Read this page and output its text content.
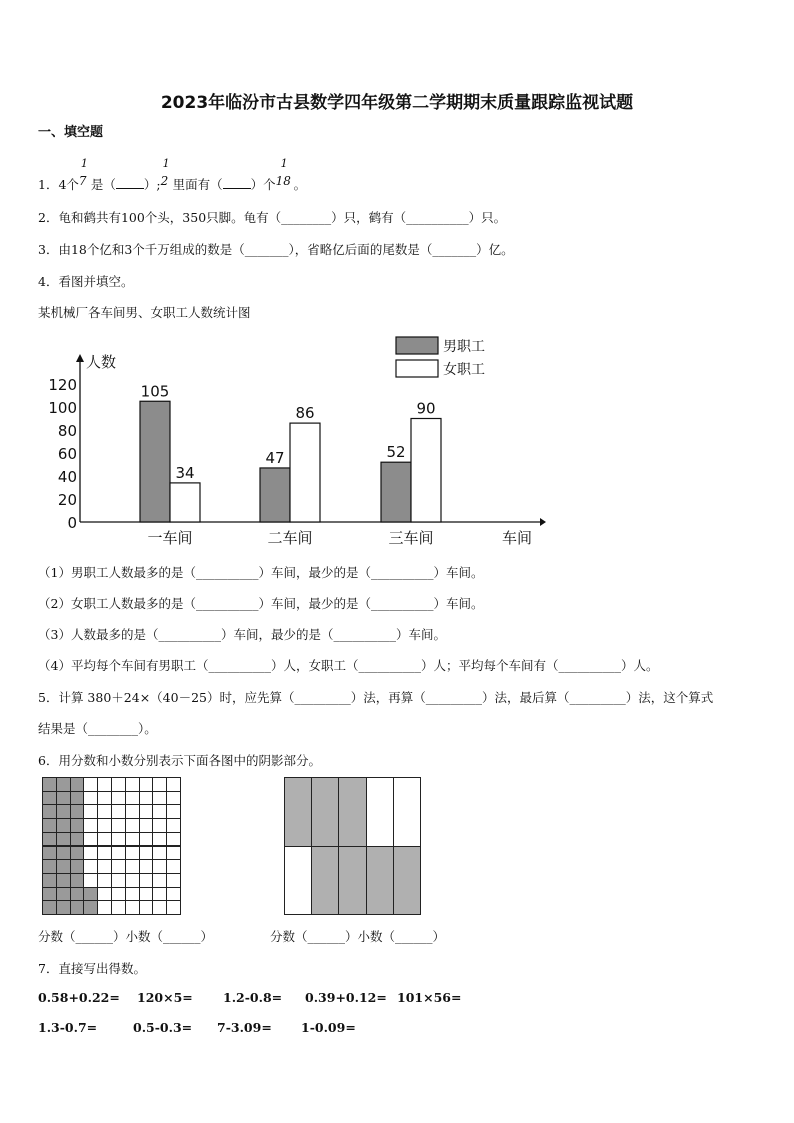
2023年临汾市古县数学四年级第二学期期末质量跟踪监视试题
一、填空题
1．4个
1
7 是（ ）;
1
2 里面有（ ）个
1
18 。
2．龟和鹤共有100个头，350只脚。龟有（________）只，鹤有（__________）只。
3．由18个亿和3个千万组成的数是（_______），省略亿后面的尾数是（_______）亿。
4．看图并填空。
某机械厂各车间男、女职工人数统计图
人数
车间
0
20
40
60
80
100
120	105
34
一车间
47
86
二车间
52
90
三车间
男职工
女职工
（1）男职工人数最多的是（__________）车间，最少的是（__________）车间。
（2）女职工人数最多的是（__________）车间，最少的是（__________）车间。
（3）人数最多的是（__________）车间，最少的是（__________）车间。
（4）平均每个车间有男职工（__________）人，女职工（__________）人；平均每个车间有（__________）人。
5．计算 380＋24×（40－25）时，应先算（_________）法，再算（_________）法，最后算（_________）法，这个算式
结果是（________）。
6．用分数和小数分别表示下面各图中的阴影部分。
分数（______）小数（______）	分数（______）小数（______）
7．直接写出得数。
0.58+0.22= 120×5= 1.2-0.8= 0.39+0.12= 101×56=
1.3-0.7=	0.5-0.3= 7-3.09= 1-0.09=
